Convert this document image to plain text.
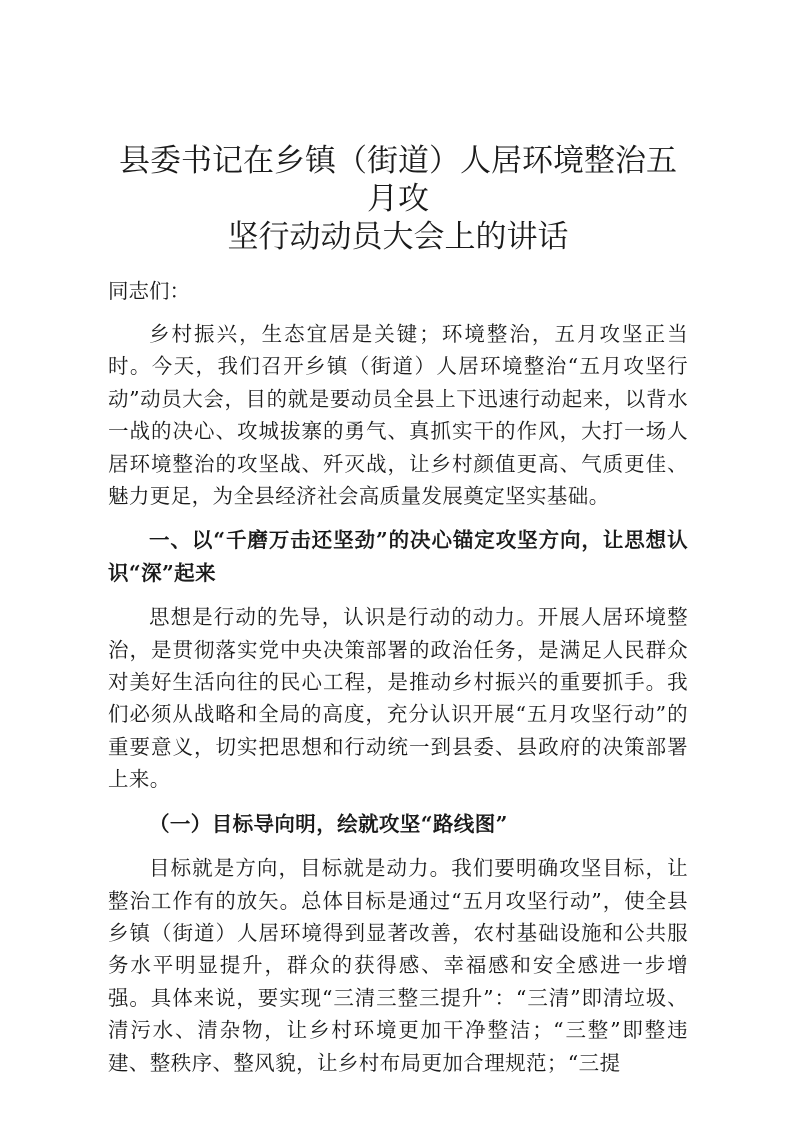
县委书记在乡镇（街道）人居环境整治五月攻
坚行动动员大会上的讲话

同志们：

乡村振兴，生态宜居是关键；环境整治，五月攻坚正当时。今天，我们召开乡镇（街道）人居环境整治“五月攻坚行动”动员大会，目的就是要动员全县上下迅速行动起来，以背水一战的决心、攻城拔寨的勇气、真抓实干的作风，大打一场人居环境整治的攻坚战、歼灭战，让乡村颜值更高、气质更佳、魅力更足，为全县经济社会高质量发展奠定坚实基础。

一、以“千磨万击还坚劲”的决心锚定攻坚方向，让思想认识“深”起来

思想是行动的先导，认识是行动的动力。开展人居环境整治，是贯彻落实党中央决策部署的政治任务，是满足人民群众对美好生活向往的民心工程，是推动乡村振兴的重要抓手。我们必须从战略和全局的高度，充分认识开展“五月攻坚行动”的重要意义，切实把思想和行动统一到县委、县政府的决策部署上来。

（一）目标导向明，绘就攻坚“路线图”

目标就是方向，目标就是动力。我们要明确攻坚目标，让整治工作有的放矢。总体目标是通过“五月攻坚行动”，使全县乡镇（街道）人居环境得到显著改善，农村基础设施和公共服务水平明显提升，群众的获得感、幸福感和安全感进一步增强。具体来说，要实现“三清三整三提升”：“三清”即清垃圾、清污水、清杂物，让乡村环境更加干净整洁；“三整”即整违建、整秩序、整风貌，让乡村布局更加合理规范；“三提
